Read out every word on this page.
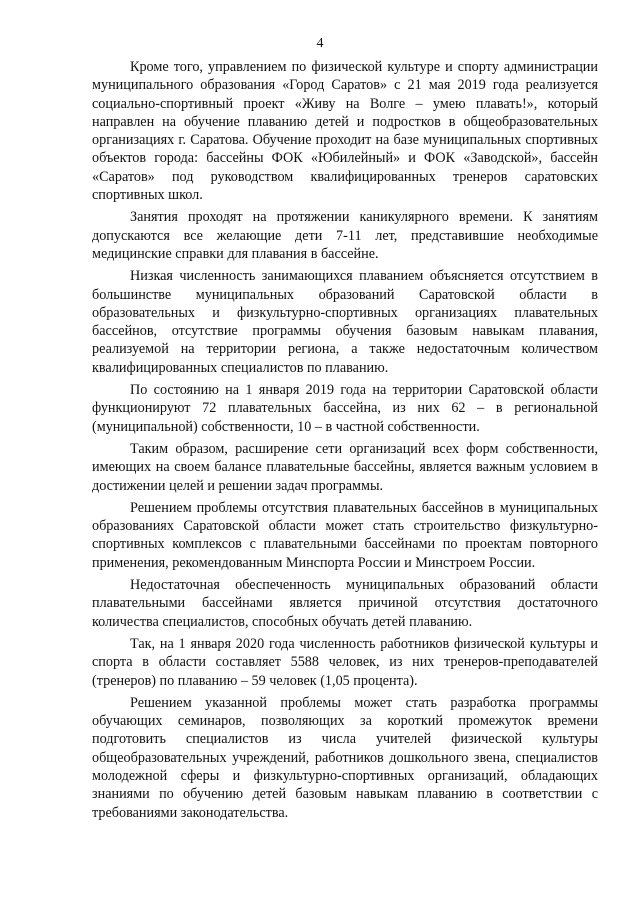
4

Кроме того, управлением по физической культуре и спорту администрации муниципального образования «Город Саратов» с 21 мая 2019 года реализуется социально-спортивный проект «Живу на Волге – умею плавать!», который направлен на обучение плаванию детей и подростков в общеобразовательных организациях г. Саратова. Обучение проходит на базе муниципальных спортивных объектов города: бассейны ФОК «Юбилейный» и ФОК «Заводской», бассейн «Саратов» под руководством квалифицированных тренеров саратовских спортивных школ.

Занятия проходят на протяжении каникулярного времени. К занятиям допускаются все желающие дети 7-11 лет, представившие необходимые медицинские справки для плавания в бассейне.

Низкая численность занимающихся плаванием объясняется отсутствием в большинстве муниципальных образований Саратовской области в образовательных и физкультурно-спортивных организациях плавательных бассейнов, отсутствие программы обучения базовым навыкам плавания, реализуемой на территории региона, а также недостаточным количеством квалифицированных специалистов по плаванию.

По состоянию на 1 января 2019 года на территории Саратовской области функционируют 72 плавательных бассейна, из них 62 – в региональной (муниципальной) собственности, 10 – в частной собственности.

Таким образом, расширение сети организаций всех форм собственности, имеющих на своем балансе плавательные бассейны, является важным условием в достижении целей и решении задач программы.

Решением проблемы отсутствия плавательных бассейнов в муниципальных образованиях Саратовской области может стать строительство физкультурно-спортивных комплексов с плавательными бассейнами по проектам повторного применения, рекомендованным Минспорта России и Минстроем России.

Недостаточная обеспеченность муниципальных образований области плавательными бассейнами является причиной отсутствия достаточного количества специалистов, способных обучать детей плаванию.

Так, на 1 января 2020 года численность работников физической культуры и спорта в области составляет 5588 человек, из них тренеров-преподавателей (тренеров) по плаванию – 59 человек (1,05 процента).

Решением указанной проблемы может стать разработка программы обучающих семинаров, позволяющих за короткий промежуток времени подготовить специалистов из числа учителей физической культуры общеобразовательных учреждений, работников дошкольного звена, специалистов молодежной сферы и физкультурно-спортивных организаций, обладающих знаниями по обучению детей базовым навыкам плаванию в соответствии с требованиями законодательства.
